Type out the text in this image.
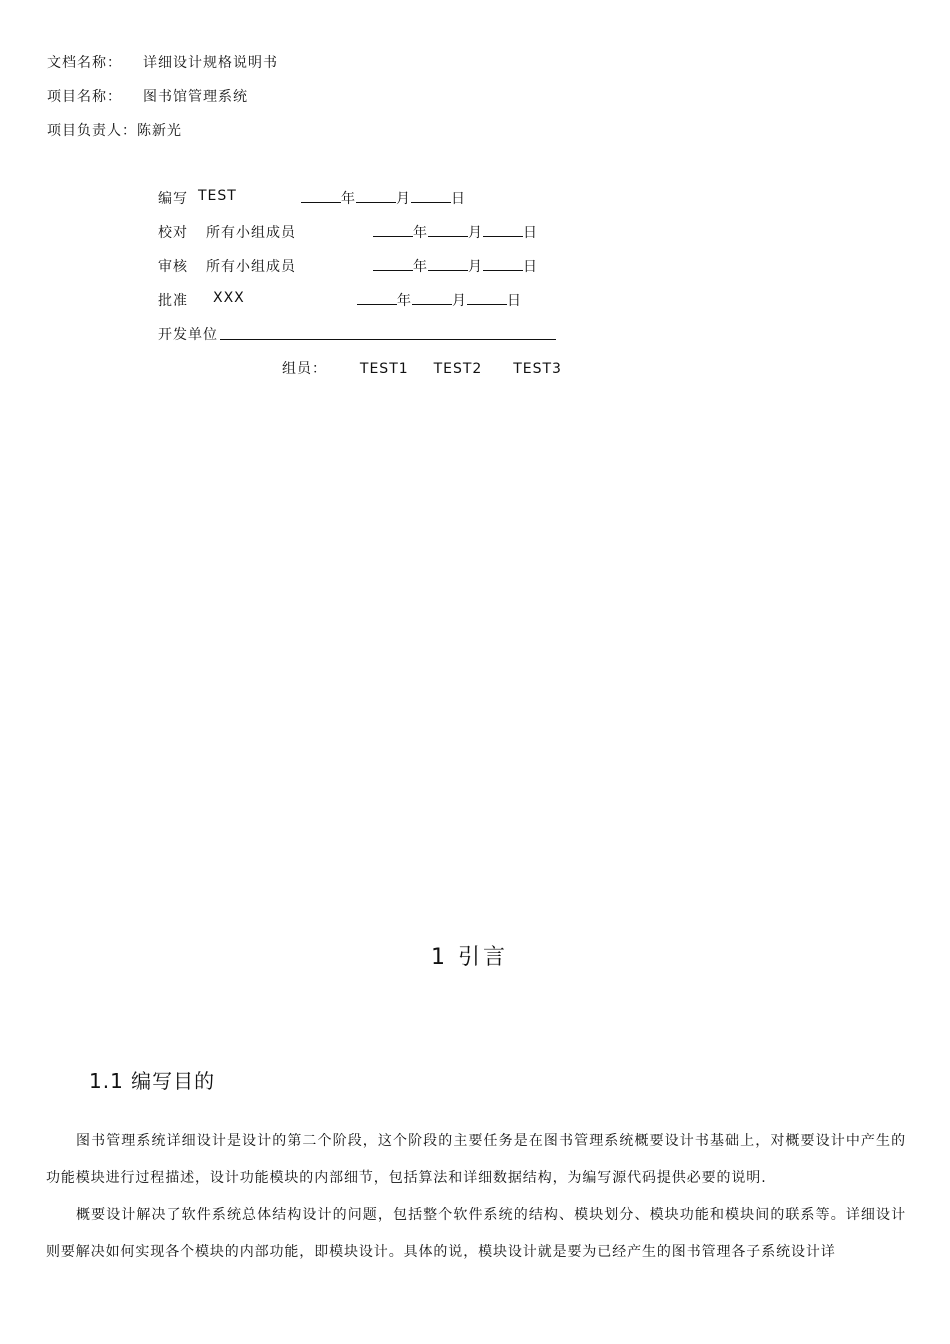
文档名称： 详细设计规格说明书
项目名称： 图书馆管理系统
项目负责人：陈新光
编写 TEST	年	月	日
校对 所有小组成员	年	月	日
审核 所有小组成员	年	月	日
批准 XXX	年	月	日
开发单位
组员： TEST1 TEST2 TEST3
1 引言
1.1 编写目的
图书管理系统详细设计是设计的第二个阶段，这个阶段的主要任务是在图书管理系统概要设计书基础上，对概要设计中产生的功能模块进行过程描述，设计功能模块的内部细节，包括算法和详细数据结构，为编写源代码提供必要的说明.
概要设计解决了软件系统总体结构设计的问题，包括整个软件系统的结构、模块划分、模块功能和模块间的联系等。详细设计则要解决如何实现各个模块的内部功能，即模块设计。具体的说，模块设计就是要为已经产生的图书管理各子系统设计详
